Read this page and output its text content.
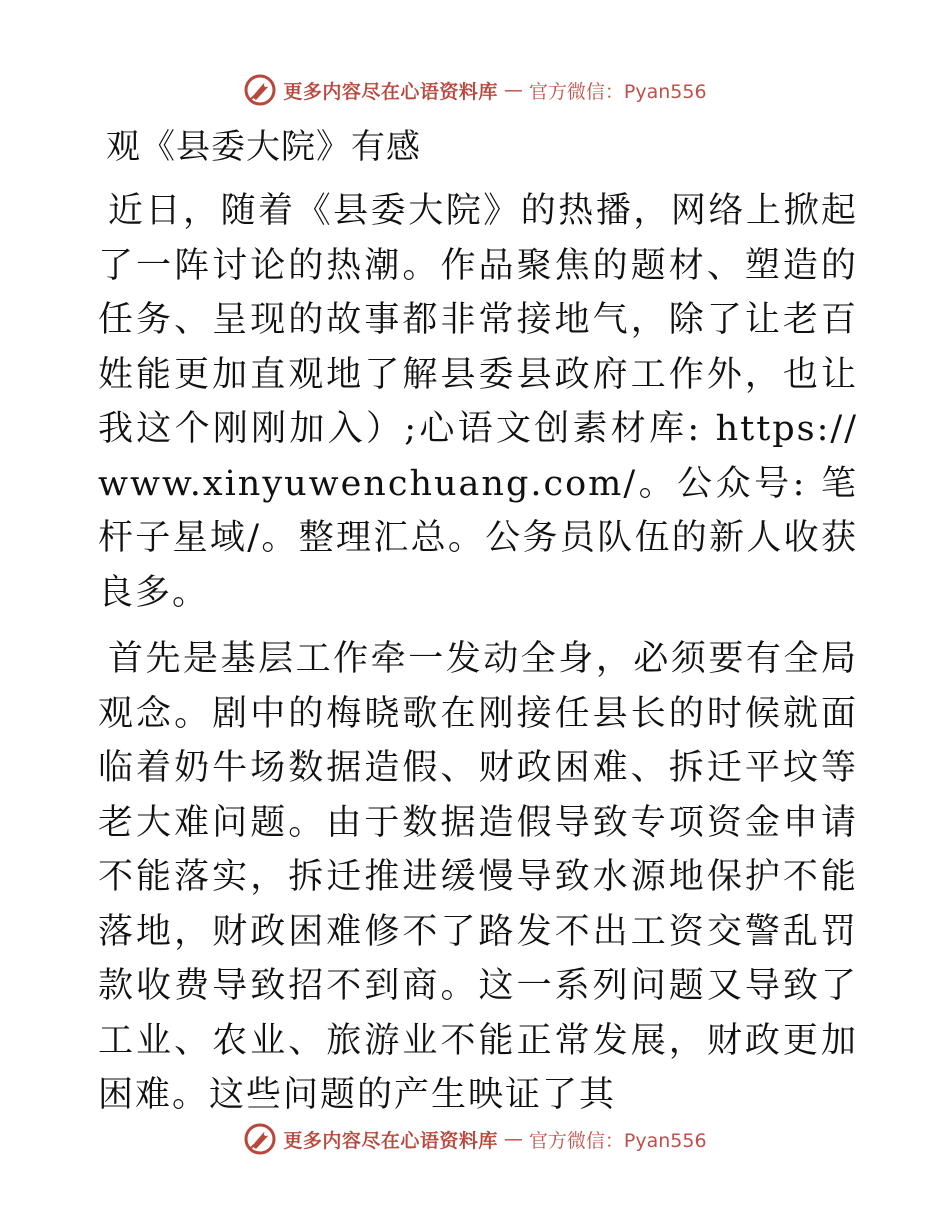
更多内容尽在心语资料库 — 官方微信：Pyan556
观《县委大院》有感

近日，随着《县委大院》的热播，网络上掀起了一阵讨论的热潮。作品聚焦的题材、塑造的任务、呈现的故事都非常接地气，除了让老百姓能更加直观地了解县委县政府工作外，也让我这个刚刚加入）;心语文创素材库: https://www.xinyuwenchuang.com/。公众号: 笔杆子星域/。整理汇总。公务员队伍的新人收获良多。

首先是基层工作牵一发动全身，必须要有全局观念。剧中的梅晓歌在刚接任县长的时候就面临着奶牛场数据造假、财政困难、拆迁平坟等老大难问题。由于数据造假导致专项资金申请不能落实，拆迁推进缓慢导致水源地保护不能落地，财政困难修不了路发不出工资交警乱罚款收费导致招不到商。这一系列问题又导致了工业、农业、旅游业不能正常发展，财政更加困难。这些问题的产生映证了其

更多内容尽在心语资料库 — 官方微信：Pyan556
